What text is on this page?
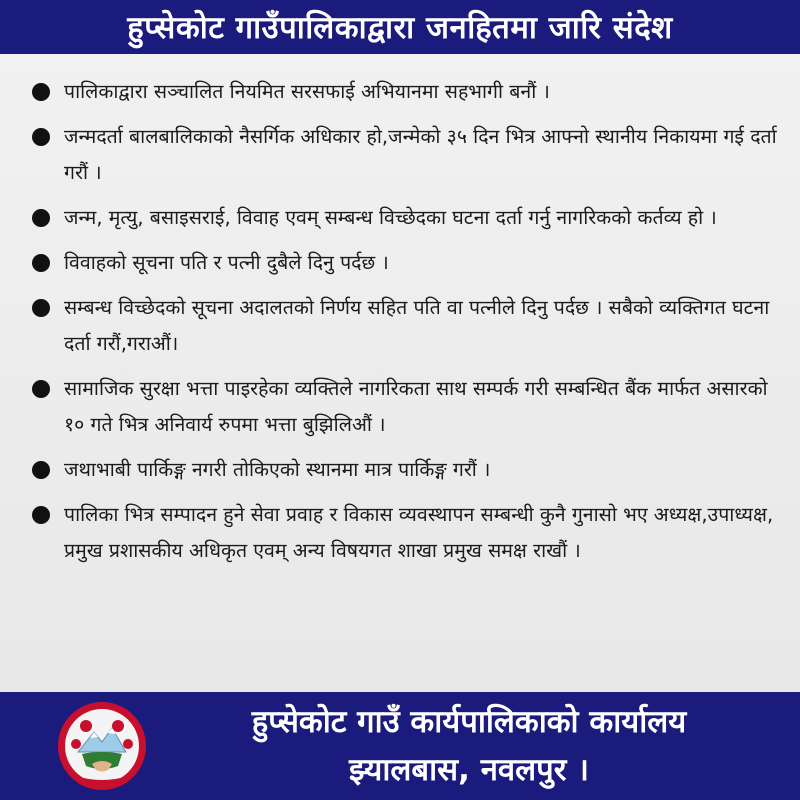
हुप्सेकोट गाउँपालिकाद्वारा जनहितमा जारि संदेश
पालिकाद्वारा सञ्चालित नियमित सरसफाई अभियानमा सहभागी बनौं ।
जन्मदर्ता बालबालिकाको नैसर्गिक अधिकार हो,जन्मेको ३५ दिन भित्र आफ्नो स्थानीय निकायमा गई दर्ता गरौं ।
जन्म, मृत्यु, बसाइसराई, विवाह एवम् सम्बन्ध विच्छेदका घटना दर्ता गर्नु नागरिकको कर्तव्य हो ।
विवाहको सूचना पति र पत्नी दुबैले दिनु पर्दछ ।
सम्बन्ध विच्छेदको सूचना अदालतको निर्णय सहित पति वा पत्नीले दिनु पर्दछ । सबैको व्यक्तिगत घटना दर्ता गरौं,गराऔं।
सामाजिक सुरक्षा भत्ता पाइरहेका व्यक्तिले नागरिकता साथ सम्पर्क गरी सम्बन्धित बैंक मार्फत असारको १० गते भित्र अनिवार्य रुपमा भत्ता बुझिलिऔं ।
जथाभाबी पार्किङ्ग नगरी तोकिएको स्थानमा मात्र पार्किङ्ग गरौं ।
पालिका भित्र सम्पादन हुने सेवा प्रवाह र विकास व्यवस्थापन सम्बन्धी कुनै गुनासो भए अध्यक्ष,उपाध्यक्ष, प्रमुख प्रशासकीय अधिकृत एवम् अन्य विषयगत शाखा प्रमुख समक्ष राखौं ।
हुप्सेकोट गाउँ कार्यपालिकाको कार्यालय
झ्यालबास, नवलपुर ।
